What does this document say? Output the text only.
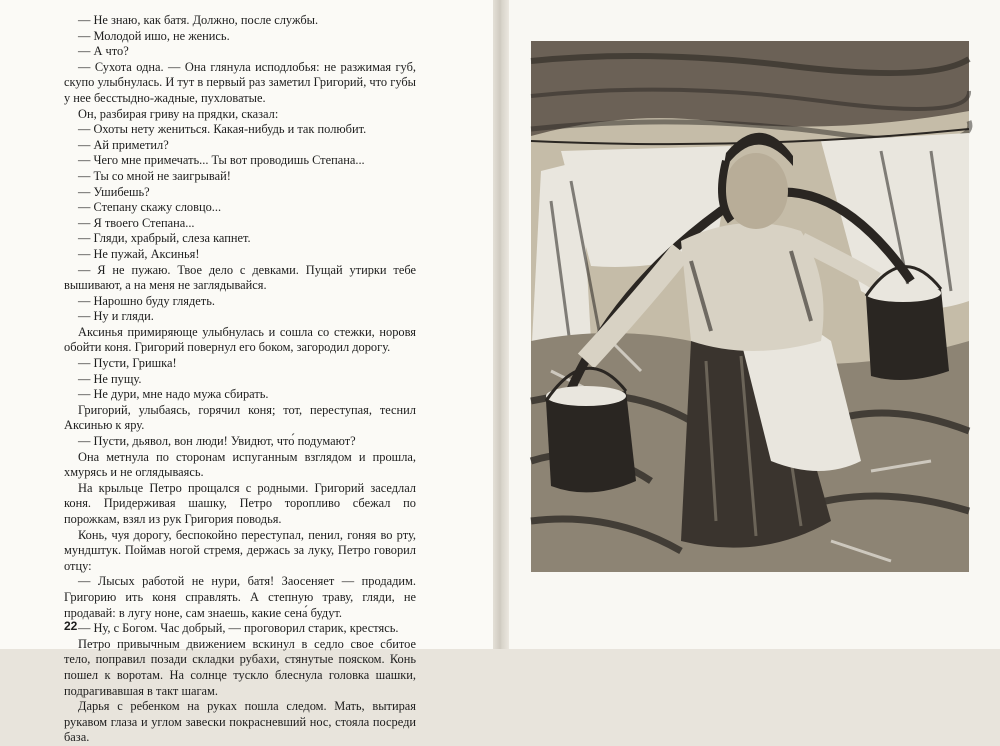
— Не знаю, как батя. Должно, после службы.

— Молодой ишо, не женись.

— А что?

— Сухота одна. — Она глянула исподлобья: не разжимая губ, скупо улыбнулась. И тут в первый раз заметил Григорий, что губы у нее бесстыдно-жадные, пухловатые.

Он, разбирая гриву на прядки, сказал:

— Охоты нету жениться. Какая-нибудь и так полюбит.

— Ай приметил?

— Чего мне примечать... Ты вот проводишь Степана...

— Ты со мной не заигрывай!

— Ушибешь?

— Степану скажу словцо...

— Я твоего Степана...

— Гляди, храбрый, слеза капнет.

— Не пужай, Аксинья!

— Я не пужаю. Твое дело с девками. Пущай утирки тебе вышивают, а на меня не заглядывайся.

— Нарошно буду глядеть.

— Ну и гляди.

Аксинья примиряюще улыбнулась и сошла со стежки, норовя обойти коня. Григорий повернул его боком, загородил дорогу.

— Пусти, Гришка!

— Не пущу.

— Не дури, мне надо мужа сбирать.

Григорий, улыбаясь, горячил коня; тот, переступая, теснил Аксинью к яру.

— Пусти, дьявол, вон люди! Увидют, что́ подумают?

Она метнула по сторонам испуганным взглядом и прошла, хмурясь и не оглядываясь.

На крыльце Петро прощался с родными. Григорий заседлал коня. Придерживая шашку, Петро торопливо сбежал по порожкам, взял из рук Григория поводья.

Конь, чуя дорогу, беспокойно переступал, пенил, гоняя во рту, мундштук. Поймав ногой стремя, держась за луку, Петро говорил отцу:

— Лысых работой не нури, батя! Заосеняет — продадим. Григорию ить коня справлять. А степную траву, гляди, не продавай: в лугу ноне, сам знаешь, какие сена́ будут.

— Ну, с Богом. Час добрый, — проговорил старик, крестясь.

Петро привычным движением вскинул в седло свое сбитое тело, поправил позади складки рубахи, стянутые пояском. Конь пошел к воротам. На солнце тускло блеснула головка шашки, подрагивавшая в такт шагам.

Дарья с ребенком на руках пошла следом. Мать, вытирая рукавом глаза и углом завески покрасневший нос, стояла посреди база.

22
